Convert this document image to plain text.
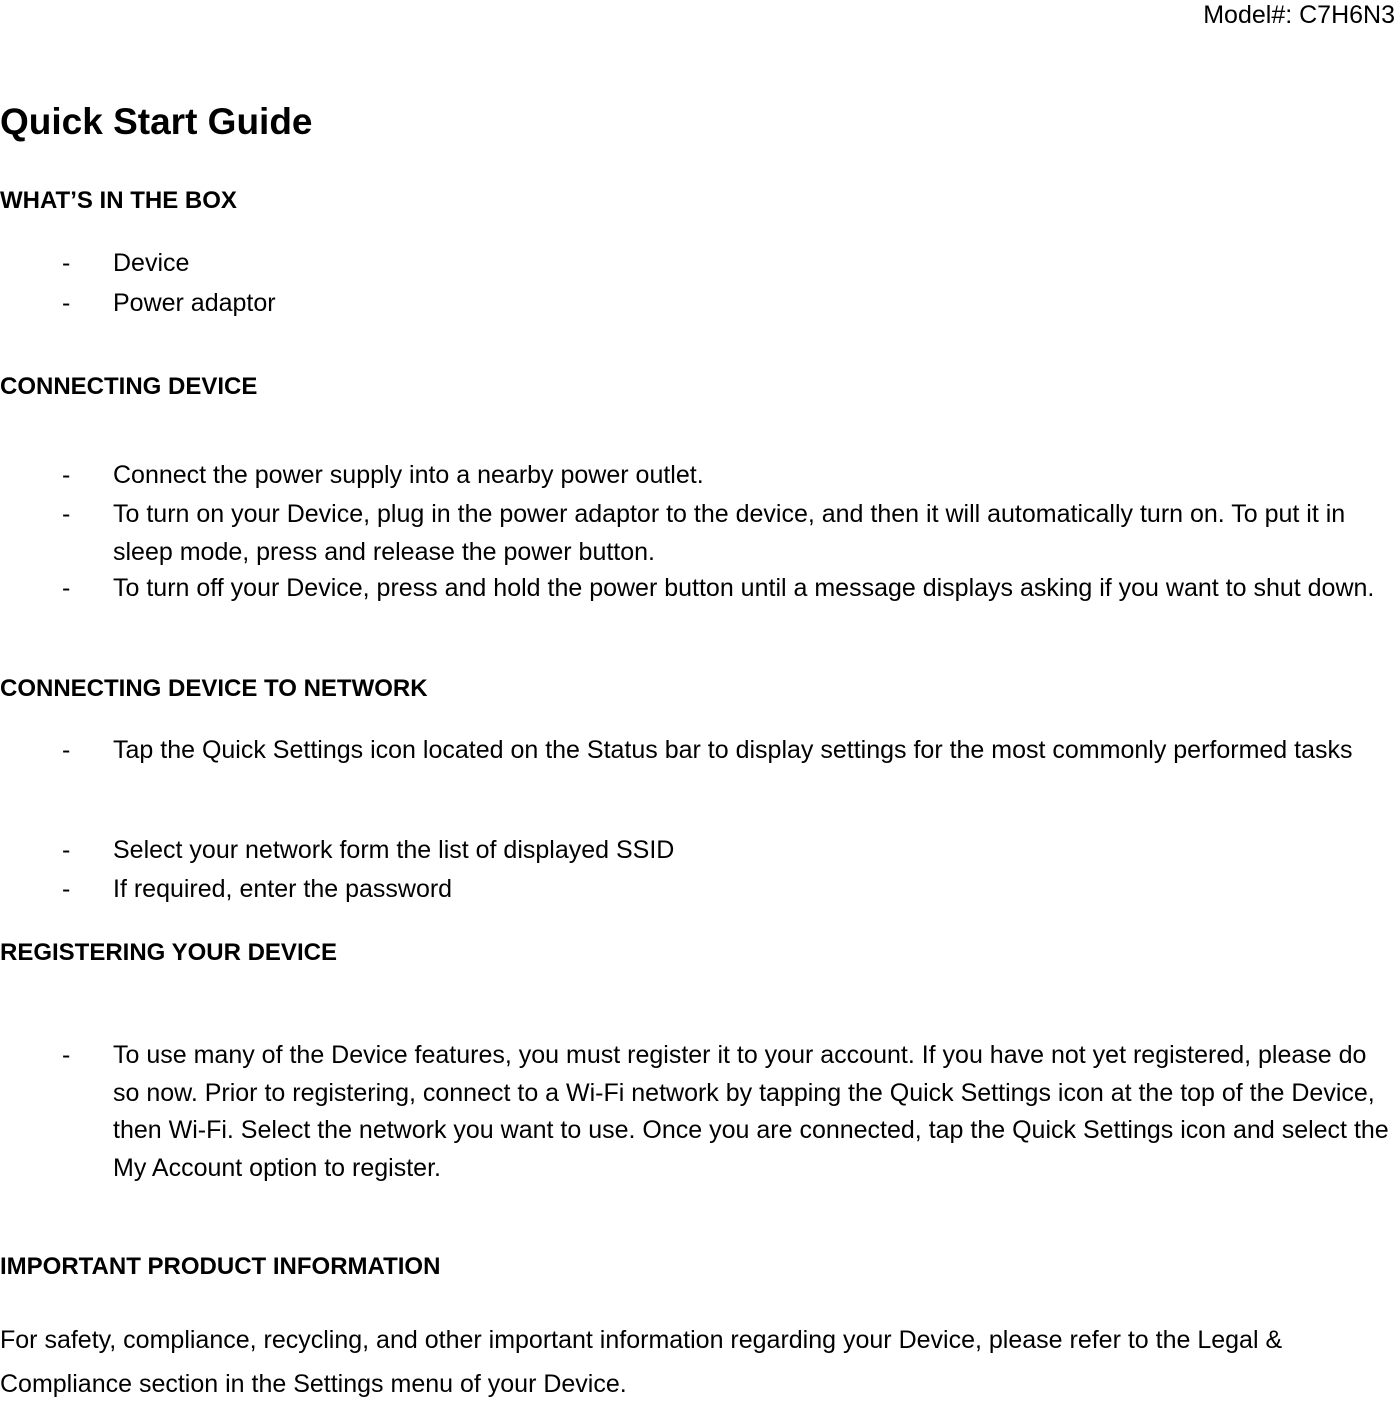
Model#: C7H6N3
Quick Start Guide
WHAT’S IN THE BOX
- Device
- Power adaptor
CONNECTING DEVICE
- Connect the power supply into a nearby power outlet.
- To turn on your Device, plug in the power adaptor to the device, and then it will automatically turn on. To put it in sleep mode, press and release the power button.
- To turn off your Device, press and hold the power button until a message displays asking if you want to shut down.
CONNECTING DEVICE TO NETWORK
- Tap the Quick Settings icon located on the Status bar to display settings for the most commonly performed tasks
- Select your network form the list of displayed SSID
- If required, enter the password
REGISTERING YOUR DEVICE
- To use many of the Device features, you must register it to your account. If you have not yet registered, please do so now. Prior to registering, connect to a Wi-Fi network by tapping the Quick Settings icon at the top of the Device, then Wi-Fi. Select the network you want to use. Once you are connected, tap the Quick Settings icon and select the My Account option to register.
IMPORTANT PRODUCT INFORMATION
For safety, compliance, recycling, and other important information regarding your Device, please refer to the Legal & Compliance section in the Settings menu of your Device.
